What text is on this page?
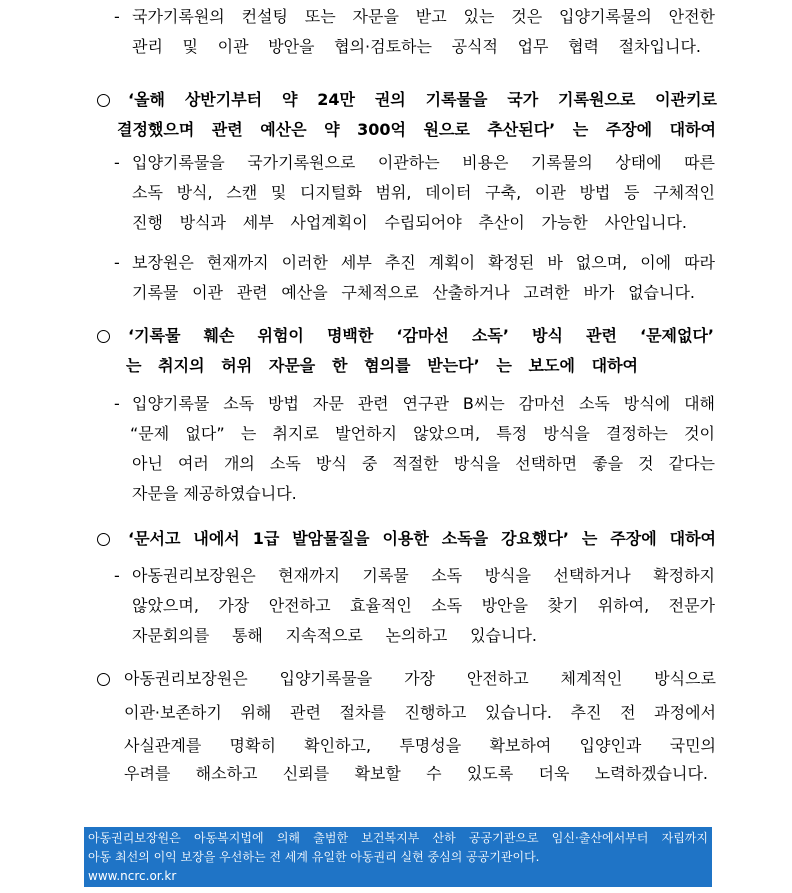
- 국가기록원의 컨설팅 또는 자문을 받고 있는 것은 입양기록물의 안전한
관리 및 이관 방안을 협의·검토하는 공식적 업무 협력 절차입니다.
‘올해 상반기부터 약 24만 권의 기록물을 국가 기록원으로 이관키로
결정했으며 관련 예산은 약 300억 원으로 추산된다’ 는 주장에 대하여
- 입양기록물을 국가기록원으로 이관하는 비용은 기록물의 상태에 따른
소독 방식, 스캔 및 디지털화 범위, 데이터 구축, 이관 방법 등 구체적인
진행 방식과 세부 사업계획이 수립되어야 추산이 가능한 사안입니다.
- 보장원은 현재까지 이러한 세부 추진 계획이 확정된 바 없으며, 이에 따라
기록물 이관 관련 예산을 구체적으로 산출하거나 고려한 바가 없습니다.
‘기록물 훼손 위험이 명백한 ‘감마선 소독’ 방식 관련 ‘문제없다’
는 취지의 허위 자문을 한 혐의를 받는다’ 는 보도에 대하여
- 입양기록물 소독 방법 자문 관련 연구관 B씨는 감마선 소독 방식에 대해
“문제 없다” 는 취지로 발언하지 않았으며, 특정 방식을 결정하는 것이
아닌 여러 개의 소독 방식 중 적절한 방식을 선택하면 좋을 것 같다는
자문을 제공하였습니다.
‘문서고 내에서 1급 발암물질을 이용한 소독을 강요했다’ 는 주장에 대하여
- 아동권리보장원은 현재까지 기록물 소독 방식을 선택하거나 확정하지
않았으며, 가장 안전하고 효율적인 소독 방안을 찾기 위하여, 전문가
자문회의를 통해 지속적으로 논의하고 있습니다.
아동권리보장원은 입양기록물을 가장 안전하고 체계적인 방식으로
이관·보존하기 위해 관련 절차를 진행하고 있습니다. 추진 전 과정에서
사실관계를 명확히 확인하고, 투명성을 확보하여 입양인과 국민의
우려를 해소하고 신뢰를 확보할 수 있도록 더욱 노력하겠습니다.
아동권리보장원은 아동복지법에 의해 출범한 보건복지부 산하 공공기관으로 임신·출산에서부터 자립까지
아동 최선의 이익 보장을 우선하는 전 세계 유일한 아동권리 실현 중심의 공공기관이다.
www.ncrc.or.kr
